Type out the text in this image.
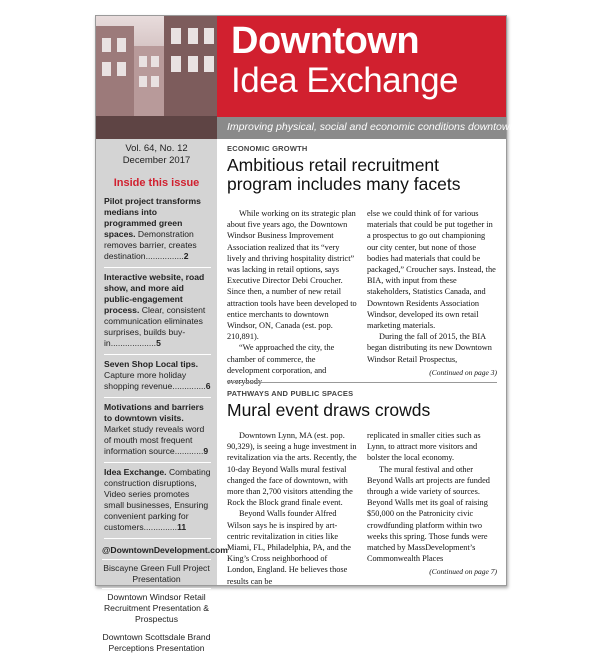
Downtown
Idea Exchange
Improving physical, social and economic conditions downtown
Vol. 64, No. 12
December 2017
Inside this issue
Pilot project transforms medians into programmed green spaces. Demonstration removes barrier, creates destination................2
Interactive website, road show, and more aid public-engagement process. Clear, consistent communication eliminates surprises, builds buy-in...................5
Seven Shop Local tips. Capture more holiday shopping revenue..............6
Motivations and barriers to downtown visits. Market study reveals word of mouth most frequent information source............9
Idea Exchange. Combating construction disruptions, Video series promotes small businesses, Ensuring convenient parking for customers..............11
@DowntownDevelopment.com
Biscayne Green Full Project Presentation
Downtown Windsor Retail Recruitment Presentation & Prospectus
Downtown Scottsdale Brand Perceptions Presentation
ECONOMIC GROWTH
Ambitious retail recruitment program includes many facets

While working on its strategic plan about five years ago, the Downtown Windsor Business Improvement Association realized that its “very lively and thriving hospitality district” was lacking in retail options, says Executive Director Debi Croucher. Since then, a number of new retail attraction tools have been developed to entice merchants to downtown Windsor, ON, Canada (est. pop. 210,891).

“We approached the city, the chamber of commerce, the development corporation, and

else we could think of for various materials that could be put together in a prospectus to go out championing our city center, but none of those bodies had materials that could be packaged,” Croucher says. Instead, the BIA, with input from these stakeholders, Statistics Canada, and Downtown Residents Association Windsor, developed its own retail marketing materials.

During the fall of 2015, the BIA began distributing its new Downtown Windsor Retail Prospectus,

(Continued on page 3)
PATHWAYS AND PUBLIC SPACES
Mural event draws crowds

Downtown Lynn, MA (est. pop. 90,329), is seeing a huge investment in revitalization via the arts. Recently, the 10-day Beyond Walls mural festival changed the face of downtown, with more than 2,700 visitors attending the Rock the Block grand finale event.

Beyond Walls founder Alfred Wilson says he is inspired by art-centric revitalization in cities like Miami, FL, Philadelphia, PA, and the King’s Cross neighborhood of London, England. He believes those results can be

replicated in smaller cities such as Lynn, to attract more visitors and bolster the local economy.

The mural festival and other Beyond Walls art projects are funded through a wide variety of sources. Beyond Walls met its goal of raising $50,000 on the Patronicity civic crowdfunding platform within two weeks this spring. Those funds were matched by MassDevelopment’s Commonwealth Places

(Continued on page 7)
